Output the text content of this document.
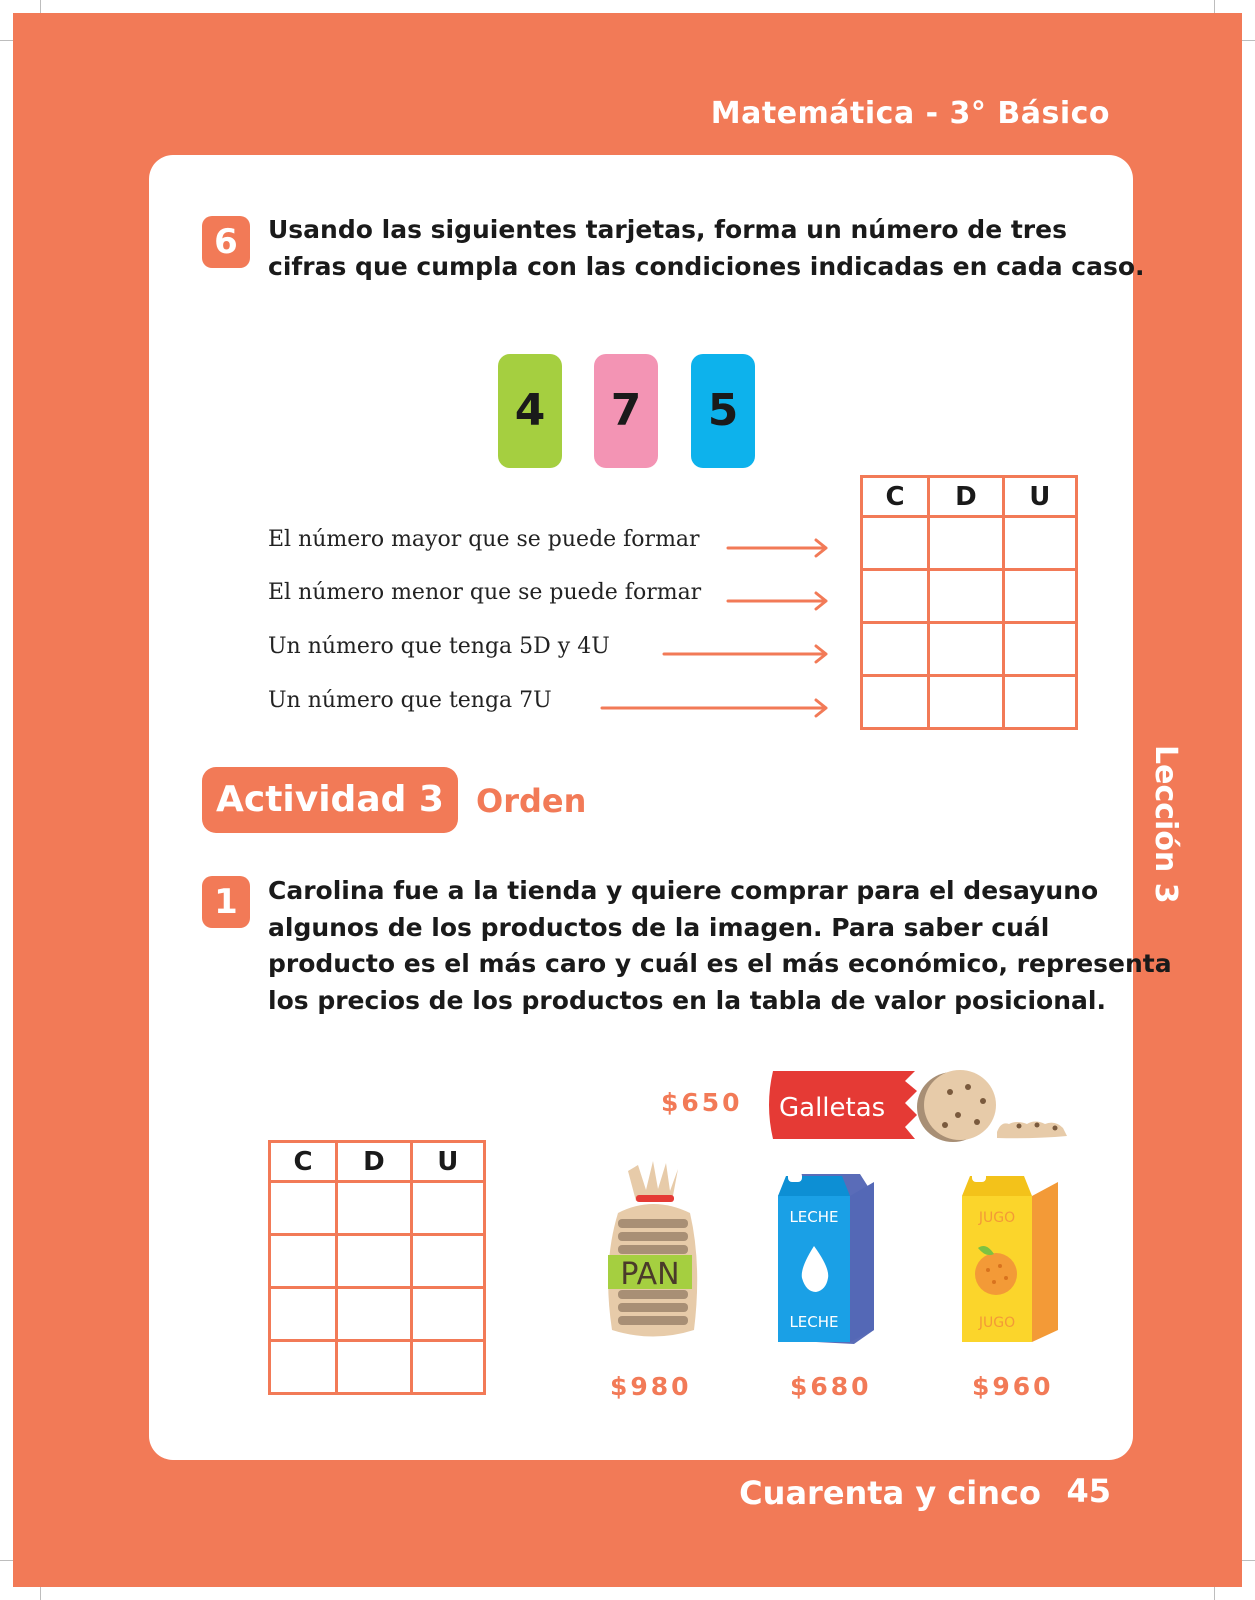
Matemática - 3° Básico
Lección 3
6	Usando las siguientes tarjetas, forma un número de tres
cifras que cumpla con las condiciones indicadas en cada caso.

4	7	5
El número mayor que se puede formar
El número menor que se puede formar
Un número que tenga 5D y 4U
Un número que tenga 7U
C	D	U

Actividad 3	Orden
1	Carolina fue a la tienda y quiere comprar para el desayuno
algunos de los productos de la imagen. Para saber cuál
producto es el más caro y cuál es el más económico, representa
los precios de los productos en la tabla de valor posicional.

C	D	U

$650 Galletas
PAN
$980
LECHE
LECHE
$680
JUGO
JUGO
$960
Cuarenta y cinco 45
